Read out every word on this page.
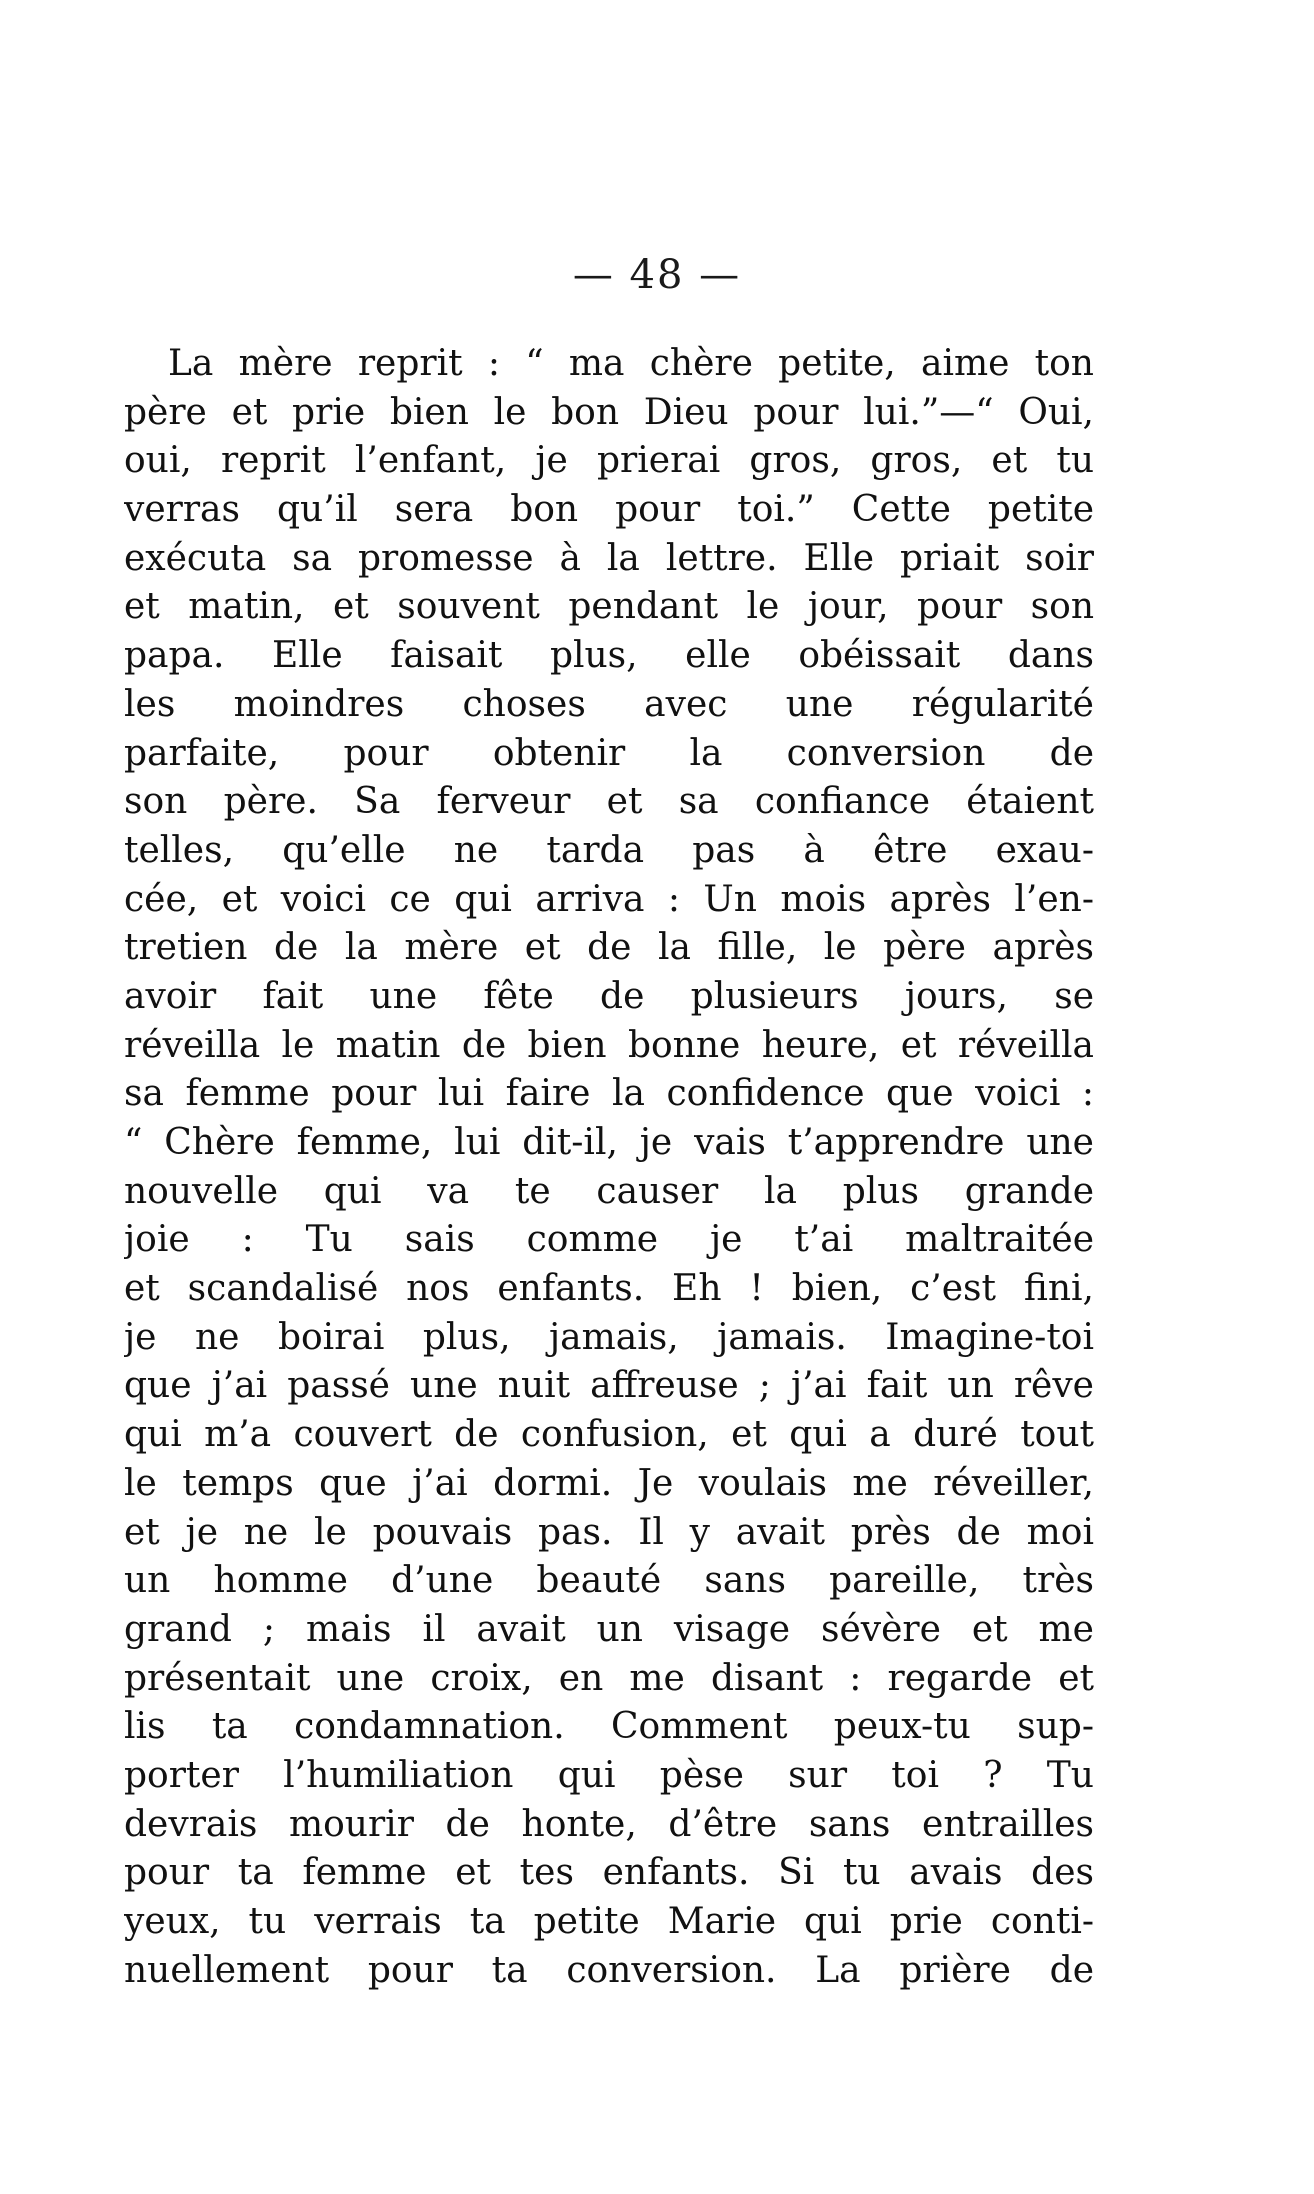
— 48 —
La mère reprit : “ ma chère petite, aime ton
père et prie bien le bon Dieu pour lui.”—“ Oui,
oui, reprit l’enfant, je prierai gros, gros, et tu
verras qu’il sera bon pour toi.” Cette petite
exécuta sa promesse à la lettre. Elle priait soir
et matin, et souvent pendant le jour, pour son
papa. Elle faisait plus, elle obéissait dans
les moindres choses avec une régularité
parfaite, pour obtenir la conversion de
son père. Sa ferveur et sa confiance étaient
telles, qu’elle ne tarda pas à être exau-
cée, et voici ce qui arriva : Un mois après l’en-
tretien de la mère et de la fille, le père après
avoir fait une fête de plusieurs jours, se
réveilla le matin de bien bonne heure, et réveilla
sa femme pour lui faire la confidence que voici :
“ Chère femme, lui dit-il, je vais t’apprendre une
nouvelle qui va te causer la plus grande
joie : Tu sais comme je t’ai maltraitée
et scandalisé nos enfants. Eh ! bien, c’est fini,
je ne boirai plus, jamais, jamais. Imagine-toi
que j’ai passé une nuit affreuse ; j’ai fait un rêve
qui m’a couvert de confusion, et qui a duré tout
le temps que j’ai dormi. Je voulais me réveiller,
et je ne le pouvais pas. Il y avait près de moi
un homme d’une beauté sans pareille, très
grand ; mais il avait un visage sévère et me
présentait une croix, en me disant : regarde et
lis ta condamnation. Comment peux-tu sup-
porter l’humiliation qui pèse sur toi ? Tu
devrais mourir de honte, d’être sans entrailles
pour ta femme et tes enfants. Si tu avais des
yeux, tu verrais ta petite Marie qui prie conti-
nuellement pour ta conversion. La prière de
